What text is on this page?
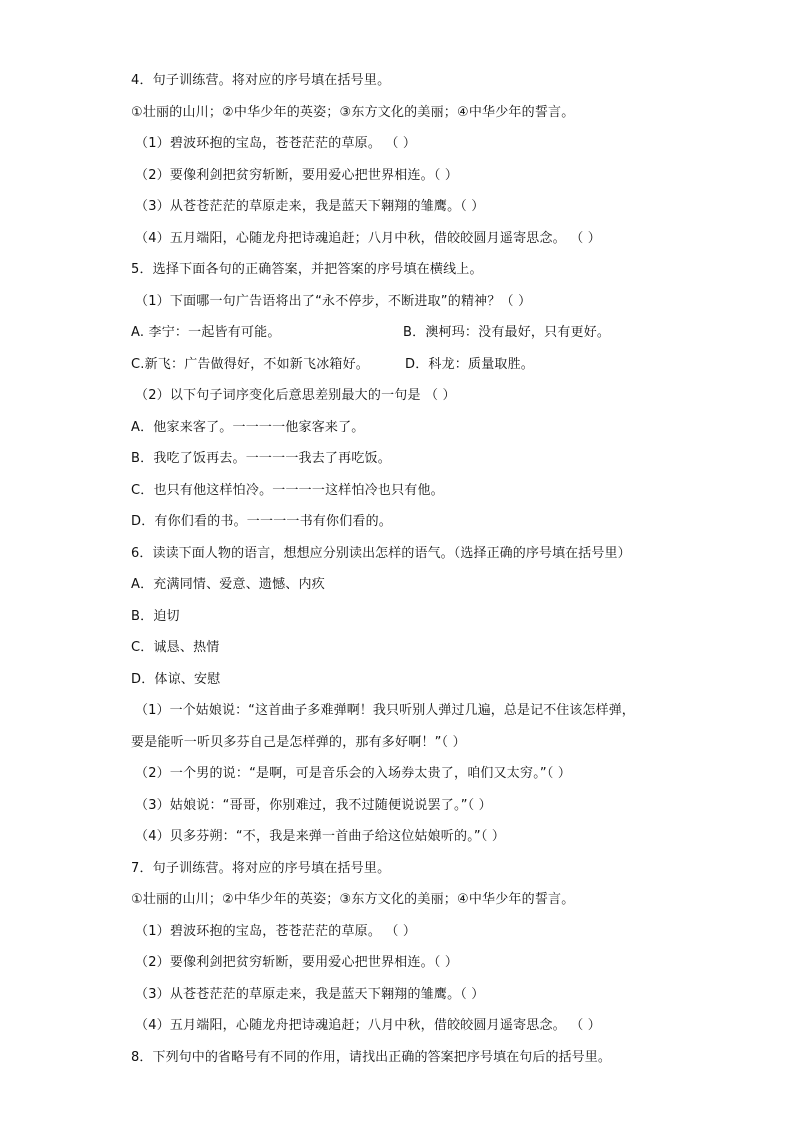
4．句子训练营。将对应的序号填在括号里。
①壮丽的山川；②中华少年的英姿；③东方文化的美丽；④中华少年的誓言。
（1）碧波环抱的宝岛，苍苍茫茫的草原。 （ ）
（2）要像利剑把贫穷斩断，要用爱心把世界相连。（ ）
（3）从苍苍茫茫的草原走来，我是蓝天下翱翔的雏鹰。（ ）
（4）五月端阳，心随龙舟把诗魂追赶；八月中秋，借皎皎圆月遥寄思念。 （ ）
5．选择下面各句的正确答案，并把答案的序号填在横线上。
（1）下面哪一句广告语将出了“永不停步，不断进取”的精神？（ ）
A. 李宁：一起皆有可能。	B．澳柯玛：没有最好，只有更好。
C.新飞：广告做得好，不如新飞冰箱好。	D．科龙：质量取胜。
（2）以下句子词序变化后意思差别最大的一句是 （ ）
A．他家来客了。一一一一他家客来了。
B．我吃了饭再去。一一一一我去了再吃饭。
C．也只有他这样怕冷。一一一一这样怕冷也只有他。
D．有你们看的书。一一一一书有你们看的。
6．读读下面人物的语言，想想应分别读出怎样的语气。（选择正确的序号填在括号里）
A．充满同情、爱意、遗憾、内疚
B．迫切
C．诚恳、热情
D．体谅、安慰
（1）一个姑娘说：“这首曲子多难弹啊！我只听别人弹过几遍，总是记不住该怎样弹，
要是能听一听贝多芬自己是怎样弹的，那有多好啊！”（ ）
（2）一个男的说：“是啊，可是音乐会的入场券太贵了，咱们又太穷。”（ ）
（3）姑娘说：“哥哥，你别难过，我不过随便说说罢了。”（ ）
（4）贝多芬朔：“不，我是来弹一首曲子给这位姑娘听的。”（ ）
7．句子训练营。将对应的序号填在括号里。
①壮丽的山川；②中华少年的英姿；③东方文化的美丽；④中华少年的誓言。
（1）碧波环抱的宝岛，苍苍茫茫的草原。 （ ）
（2）要像利剑把贫穷斩断，要用爱心把世界相连。（ ）
（3）从苍苍茫茫的草原走来，我是蓝天下翱翔的雏鹰。（ ）
（4）五月端阳，心随龙舟把诗魂追赶；八月中秋，借皎皎圆月遥寄思念。 （ ）
8．下列句中的省略号有不同的作用，请找出正确的答案把序号填在句后的括号里。
